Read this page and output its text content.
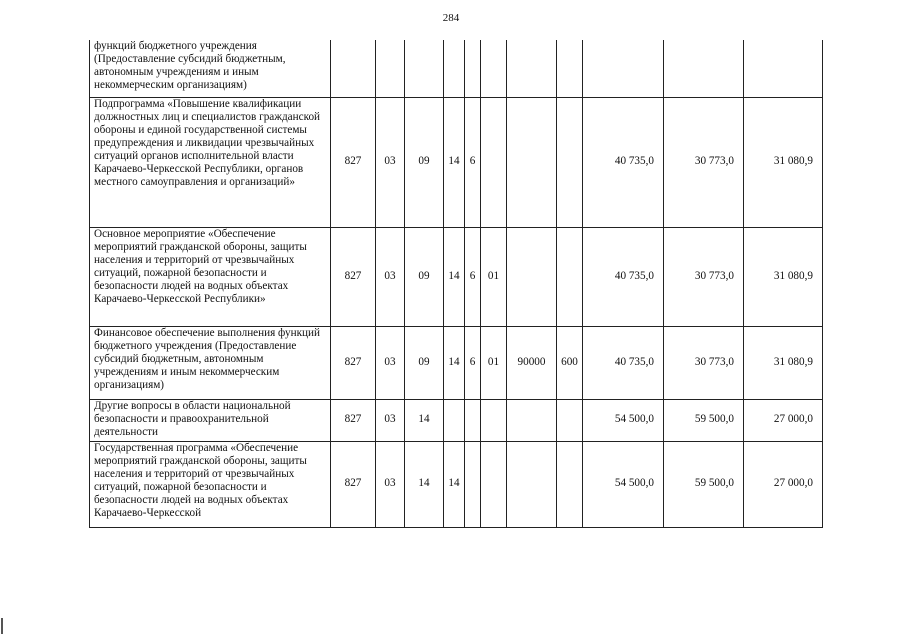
284
функций бюджетного учреждения (Предоставление субсидий бюджетным, автономным учреждениям и иным некоммерческим организациям)											
Подпрограмма «Повышение квалификации должностных лиц и специалистов гражданской обороны и единой государственной системы предупреждения и ликвидации чрезвычайных ситуаций органов исполнительной власти Карачаево-Черкесской Республики, органов местного самоуправления и организаций»	827	03	09	14	6				40 735,0	30 773,0	31 080,9
Основное мероприятие «Обеспечение мероприятий гражданской обороны, защиты населения и территорий от чрезвычайных ситуаций, пожарной безопасности и безопасности людей на водных объектах Карачаево-Черкесской Республики»	827	03	09	14	6	01			40 735,0	30 773,0	31 080,9
Финансовое обеспечение выполнения функций бюджетного учреждения (Предоставление субсидий бюджетным, автономным учреждениям и иным некоммерческим организациям)	827	03	09	14	6	01	90000	600	40 735,0	30 773,0	31 080,9
Другие вопросы в области национальной безопасности и правоохранительной деятельности	827	03	14						54 500,0	59 500,0	27 000,0
Государственная программа «Обеспечение мероприятий гражданской обороны, защиты населения и территорий от чрезвычайных ситуаций, пожарной безопасности и безопасности людей на водных объектах Карачаево-Черкесской	827	03	14	14					54 500,0	59 500,0	27 000,0
